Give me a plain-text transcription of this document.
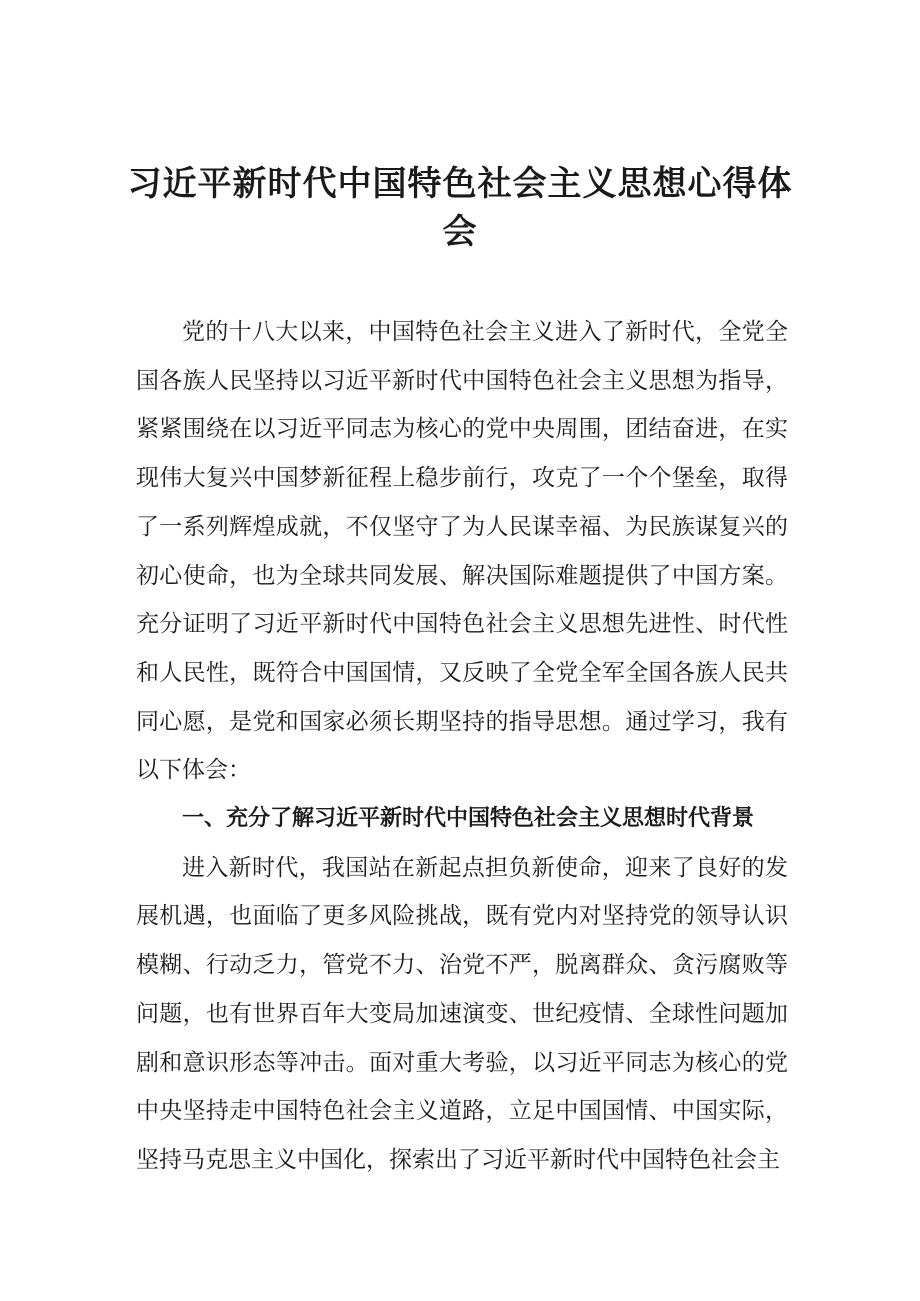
习近平新时代中国特色社会主义思想心得体会

党的十八大以来，中国特色社会主义进入了新时代，全党全国各族人民坚持以习近平新时代中国特色社会主义思想为指导，紧紧围绕在以习近平同志为核心的党中央周围，团结奋进，在实现伟大复兴中国梦新征程上稳步前行，攻克了一个个堡垒，取得了一系列辉煌成就，不仅坚守了为人民谋幸福、为民族谋复兴的初心使命，也为全球共同发展、解决国际难题提供了中国方案。充分证明了习近平新时代中国特色社会主义思想先进性、时代性和人民性，既符合中国国情，又反映了全党全军全国各族人民共同心愿，是党和国家必须长期坚持的指导思想。通过学习，我有以下体会：

一、充分了解习近平新时代中国特色社会主义思想时代背景

进入新时代，我国站在新起点担负新使命，迎来了良好的发展机遇，也面临了更多风险挑战，既有党内对坚持党的领导认识模糊、行动乏力，管党不力、治党不严，脱离群众、贪污腐败等问题，也有世界百年大变局加速演变、世纪疫情、全球性问题加剧和意识形态等冲击。面对重大考验，以习近平同志为核心的党中央坚持走中国特色社会主义道路，立足中国国情、中国实际，坚持马克思主义中国化，探索出了习近平新时代中国特色社会主
